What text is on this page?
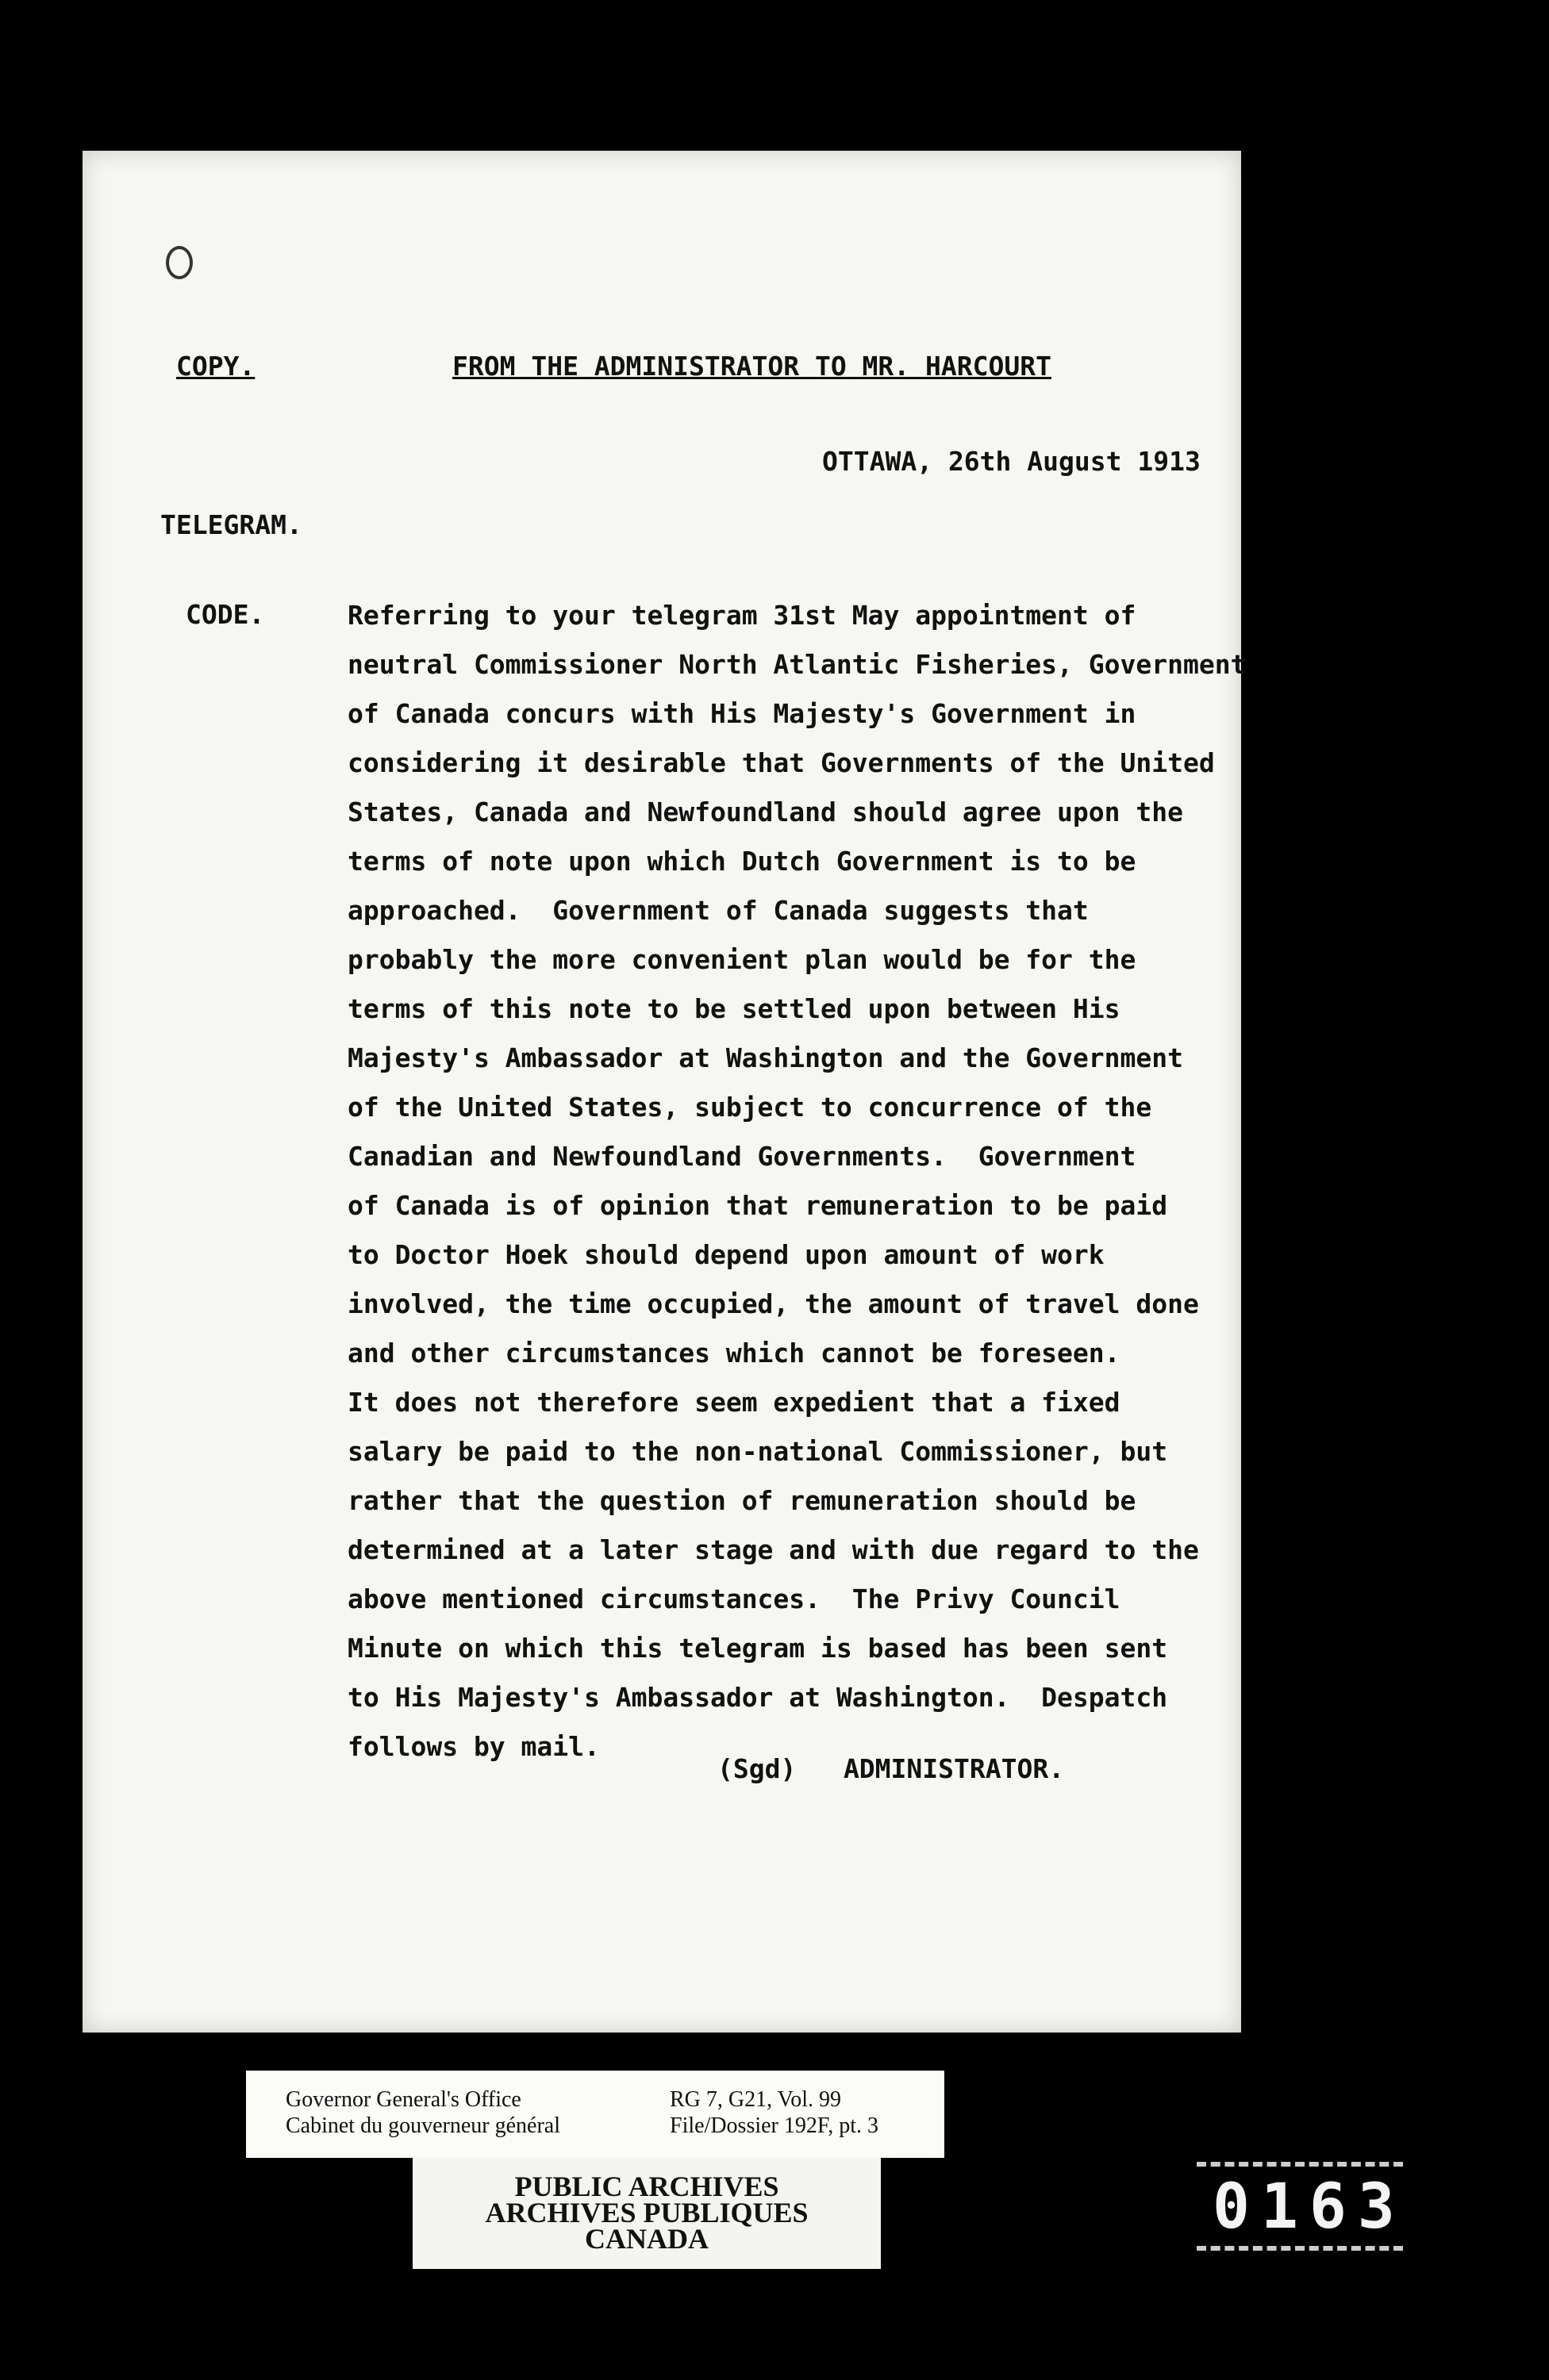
COPY.	FROM THE ADMINISTRATOR TO MR. HARCOURT
OTTAWA, 26th August 1913
TELEGRAM.
CODE.	Referring to your telegram 31st May appointment of
neutral Commissioner North Atlantic Fisheries, Government
of Canada concurs with His Majesty's Government in
considering it desirable that Governments of the United
States, Canada and Newfoundland should agree upon the
terms of note upon which Dutch Government is to be
approached.  Government of Canada suggests that
probably the more convenient plan would be for the
terms of this note to be settled upon between His
Majesty's Ambassador at Washington and the Government
of the United States, subject to concurrence of the
Canadian and Newfoundland Governments.  Government
of Canada is of opinion that remuneration to be paid
to Doctor Hoek should depend upon amount of work
involved, the time occupied, the amount of travel done
and other circumstances which cannot be foreseen.
It does not therefore seem expedient that a fixed
salary be paid to the non-national Commissioner, but
rather that the question of remuneration should be
determined at a later stage and with due regard to the
above mentioned circumstances.  The Privy Council
Minute on which this telegram is based has been sent
to His Majesty's Ambassador at Washington.  Despatch
follows by mail.
(Sgd)   ADMINISTRATOR.
Governor General's Office
Cabinet du gouverneur général
RG 7, G21, Vol. 99
File/Dossier 192F, pt. 3
PUBLIC ARCHIVES
ARCHIVES PUBLIQUES
CANADA	0163
